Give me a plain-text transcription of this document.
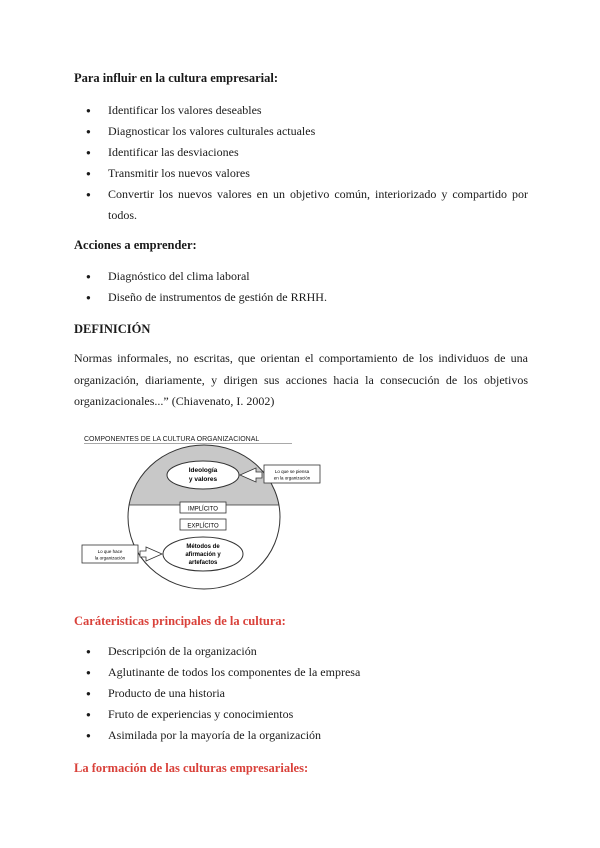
Para influir en la cultura empresarial:
● Identificar los valores deseables
● Diagnosticar los valores culturales actuales
● Identificar las desviaciones
● Transmitir los nuevos valores
● Convertir los nuevos valores en un objetivo común, interiorizado y compartido por todos.
Acciones a emprender:
● Diagnóstico del clima laboral
● Diseño de instrumentos de gestión de RRHH.
DEFINICIÓN
Normas informales, no escritas, que orientan el comportamiento de los individuos de una organización, diariamente, y dirigen sus acciones hacia la consecución de los objetivos organizacionales...” (Chiavenato, I. 2002)
COMPONENTES DE LA CULTURA ORGANIZACIONAL
Ideología
y valores
IMPLÍCITO
EXPLÍCITO
Métodos de
afirmación y
artefactos
Lo que se piensa
en la organización
Lo que hace
la organización
Caráteristicas principales de la cultura:
● Descripción de la organización
● Aglutinante de todos los componentes de la empresa
● Producto de una historia
● Fruto de experiencias y conocimientos
● Asimilada por la mayoría de la organización
La formación de las culturas empresariales:
